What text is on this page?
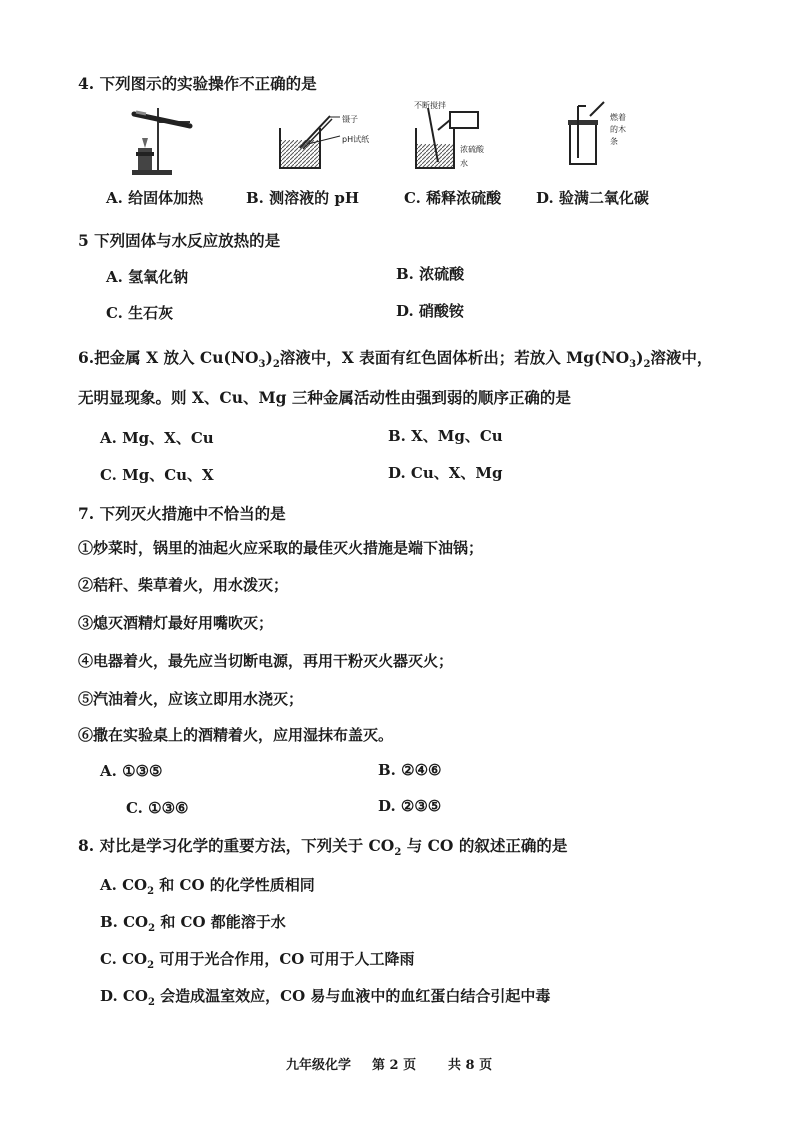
4. 下列图示的实验操作不正确的是
镊子
pH试纸
不断搅拌
浓硫酸
水
燃着
的木
条
A. 给固体加热	B. 测溶液的 pH	C. 稀释浓硫酸 D. 验满二氧化碳
5 下列固体与水反应放热的是
A. 氢氧化钠	B. 浓硫酸
C. 生石灰	D. 硝酸铵
6.把金属 X 放入 $Cu(NO_3)_2$溶液中，X 表面有红色固体析出；若放入 $Mg(NO_3)_2$溶液中，
无明显现象。则 X、Cu、Mg 三种金属活动性由强到弱的顺序正确的是
A. Mg、X、Cu	B. X、Mg、Cu
C. Mg、Cu、X	D. Cu、X、Mg
7. 下列灭火措施中不恰当的是
①炒菜时，锅里的油起火应采取的最佳灭火措施是端下油锅；
②秸秆、柴草着火，用水泼灭；
③熄灭酒精灯最好用嘴吹灭；
④电器着火，最先应当切断电源，再用干粉灭火器灭火；
⑤汽油着火，应该立即用水浇灭；
⑥撒在实验桌上的酒精着火，应用湿抹布盖灭。
A. ①③⑤	B. ②④⑥
C. ①③⑥	D. ②③⑤
8. 对比是学习化学的重要方法，下列关于 $CO_2$ 与 CO 的叙述正确的是
A. $CO_2$ 和 CO 的化学性质相同
B. $CO_2$ 和 CO 都能溶于水
C. $CO_2$ 可用于光合作用，CO 可用于人工降雨
D. $CO_2$ 会造成温室效应，CO 易与血液中的血红蛋白结合引起中毒
九年级化学 第 2 页 共 8 页
